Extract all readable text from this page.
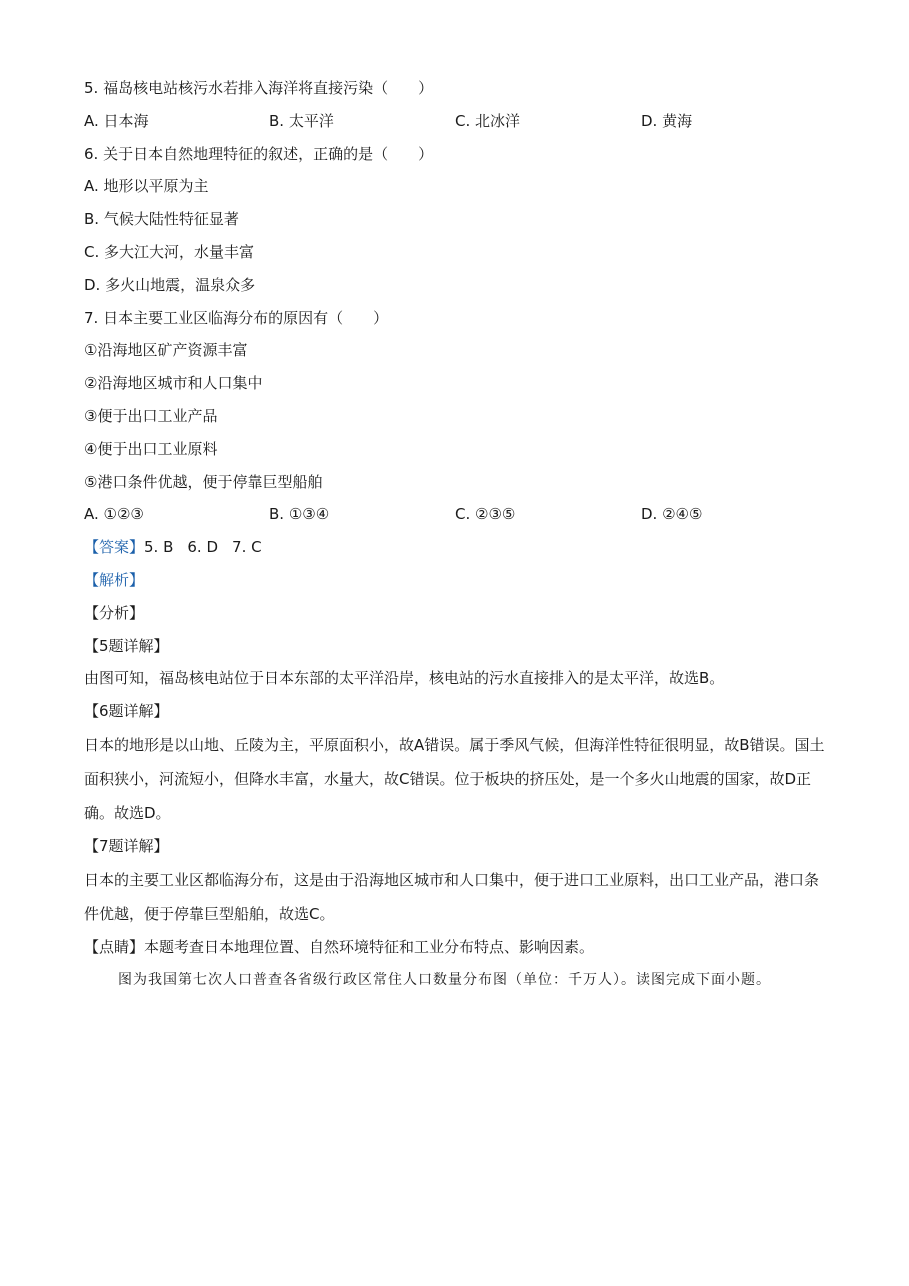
5. 福岛核电站核污水若排入海洋将直接污染（　　）
A. 日本海	B. 太平洋	C. 北冰洋	D. 黄海
6. 关于日本自然地理特征的叙述，正确的是（　　）
A. 地形以平原为主
B. 气候大陆性特征显著
C. 多大江大河，水量丰富
D. 多火山地震，温泉众多
7. 日本主要工业区临海分布的原因有（　　）
①沿海地区矿产资源丰富
②沿海地区城市和人口集中
③便于出口工业产品
④便于出口工业原料
⑤港口条件优越，便于停靠巨型船舶
A. ①②③	B. ①③④	C. ②③⑤	D. ②④⑤
【答案】5. B 6. D 7. C
【解析】
【分析】
【5题详解】
由图可知，福岛核电站位于日本东部的太平洋沿岸，核电站的污水直接排入的是太平洋，故选B。
【6题详解】
日本的地形是以山地、丘陵为主，平原面积小，故A错误。属于季风气候，但海洋性特征很明显，故B错误。国土面积狭小，河流短小，但降水丰富，水量大，故C错误。位于板块的挤压处，是一个多火山地震的国家，故D正确。故选D。
【7题详解】
日本的主要工业区都临海分布，这是由于沿海地区城市和人口集中，便于进口工业原料，出口工业产品，港口条件优越，便于停靠巨型船舶，故选C。
【点睛】本题考查日本地理位置、自然环境特征和工业分布特点、影响因素。
图为我国第七次人口普查各省级行政区常住人口数量分布图（单位：千万人）。读图完成下面小题。
